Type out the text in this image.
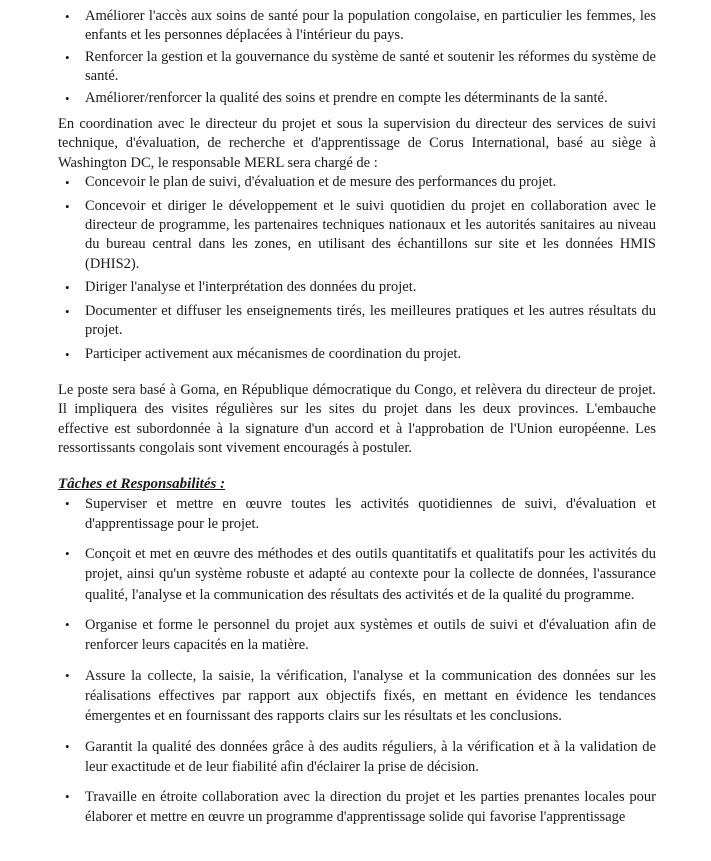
• Améliorer l'accès aux soins de santé pour la population congolaise, en particulier les femmes, les enfants et les personnes déplacées à l'intérieur du pays.
• Renforcer la gestion et la gouvernance du système de santé et soutenir les réformes du système de santé.
• Améliorer/renforcer la qualité des soins et prendre en compte les déterminants de la santé.

En coordination avec le directeur du projet et sous la supervision du directeur des services de suivi technique, d'évaluation, de recherche et d'apprentissage de Corus International, basé au siège à Washington DC, le responsable MERL sera chargé de :

• Concevoir le plan de suivi, d'évaluation et de mesure des performances du projet.
• Concevoir et diriger le développement et le suivi quotidien du projet en collaboration avec le directeur de programme, les partenaires techniques nationaux et les autorités sanitaires au niveau du bureau central dans les zones, en utilisant des échantillons sur site et les données HMIS (DHIS2).
• Diriger l'analyse et l'interprétation des données du projet.
• Documenter et diffuser les enseignements tirés, les meilleures pratiques et les autres résultats du projet.
• Participer activement aux mécanismes de coordination du projet.

Le poste sera basé à Goma, en République démocratique du Congo, et relèvera du directeur de projet. Il impliquera des visites régulières sur les sites du projet dans les deux provinces. L'embauche effective est subordonnée à la signature d'un accord et à l'approbation de l'Union européenne. Les ressortissants congolais sont vivement encouragés à postuler.

Tâches et Responsabilités :
• Superviser et mettre en œuvre toutes les activités quotidiennes de suivi, d'évaluation et d'apprentissage pour le projet.
• Conçoit et met en œuvre des méthodes et des outils quantitatifs et qualitatifs pour les activités du projet, ainsi qu'un système robuste et adapté au contexte pour la collecte de données, l'assurance qualité, l'analyse et la communication des résultats des activités et de la qualité du programme.
• Organise et forme le personnel du projet aux systèmes et outils de suivi et d'évaluation afin de renforcer leurs capacités en la matière.
• Assure la collecte, la saisie, la vérification, l'analyse et la communication des données sur les réalisations effectives par rapport aux objectifs fixés, en mettant en évidence les tendances émergentes et en fournissant des rapports clairs sur les résultats et les conclusions.
• Garantit la qualité des données grâce à des audits réguliers, à la vérification et à la validation de leur exactitude et de leur fiabilité afin d'éclairer la prise de décision.
• Travaille en étroite collaboration avec la direction du projet et les parties prenantes locales pour élaborer et mettre en œuvre un programme d'apprentissage solide qui favorise l'apprentissage
